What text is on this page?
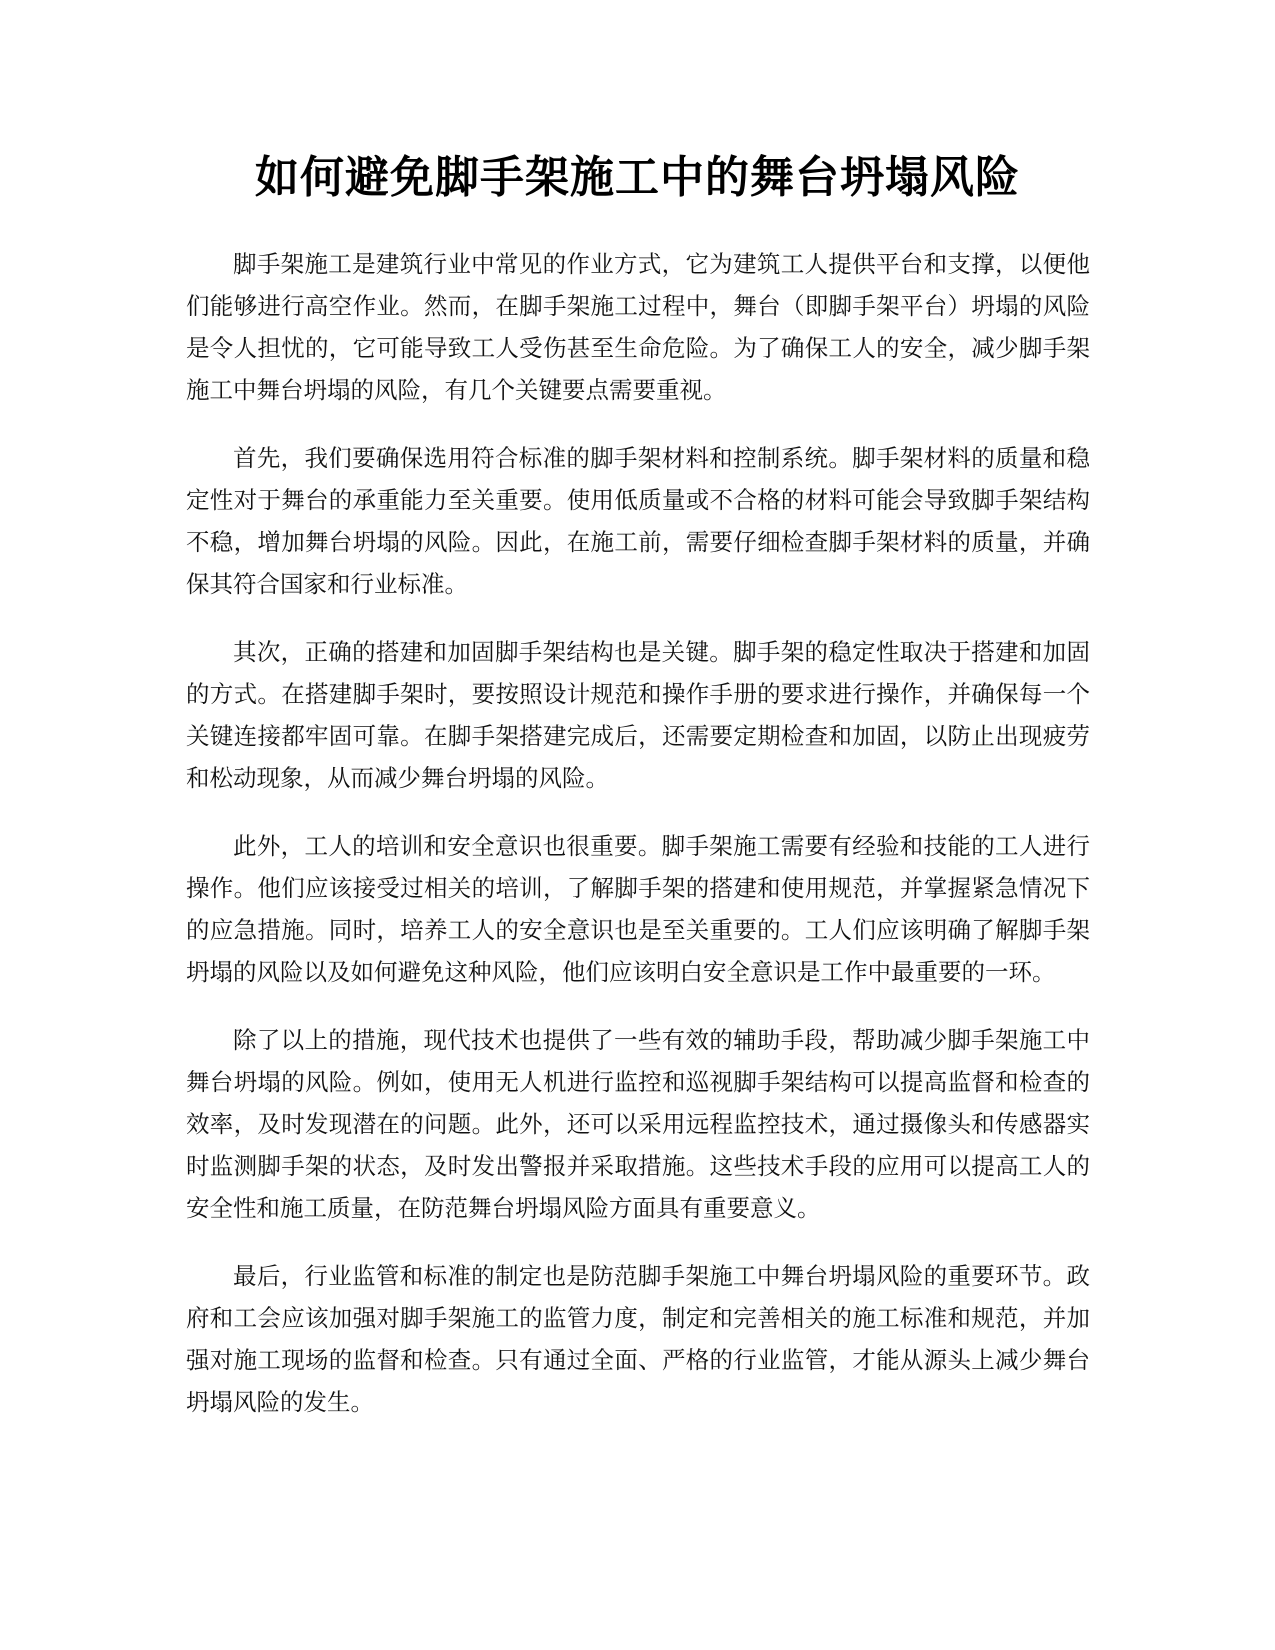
如何避免脚手架施工中的舞台坍塌风险

脚手架施工是建筑行业中常见的作业方式，它为建筑工人提供平台和支撑，以便他们能够进行高空作业。然而，在脚手架施工过程中，舞台（即脚手架平台）坍塌的风险是令人担忧的，它可能导致工人受伤甚至生命危险。为了确保工人的安全，减少脚手架施工中舞台坍塌的风险，有几个关键要点需要重视。

首先，我们要确保选用符合标准的脚手架材料和控制系统。脚手架材料的质量和稳定性对于舞台的承重能力至关重要。使用低质量或不合格的材料可能会导致脚手架结构不稳，增加舞台坍塌的风险。因此，在施工前，需要仔细检查脚手架材料的质量，并确保其符合国家和行业标准。

其次，正确的搭建和加固脚手架结构也是关键。脚手架的稳定性取决于搭建和加固的方式。在搭建脚手架时，要按照设计规范和操作手册的要求进行操作，并确保每一个关键连接都牢固可靠。在脚手架搭建完成后，还需要定期检查和加固，以防止出现疲劳和松动现象，从而减少舞台坍塌的风险。

此外，工人的培训和安全意识也很重要。脚手架施工需要有经验和技能的工人进行操作。他们应该接受过相关的培训，了解脚手架的搭建和使用规范，并掌握紧急情况下的应急措施。同时，培养工人的安全意识也是至关重要的。工人们应该明确了解脚手架坍塌的风险以及如何避免这种风险，他们应该明白安全意识是工作中最重要的一环。

除了以上的措施，现代技术也提供了一些有效的辅助手段，帮助减少脚手架施工中舞台坍塌的风险。例如，使用无人机进行监控和巡视脚手架结构可以提高监督和检查的效率，及时发现潜在的问题。此外，还可以采用远程监控技术，通过摄像头和传感器实时监测脚手架的状态，及时发出警报并采取措施。这些技术手段的应用可以提高工人的安全性和施工质量，在防范舞台坍塌风险方面具有重要意义。

最后，行业监管和标准的制定也是防范脚手架施工中舞台坍塌风险的重要环节。政府和工会应该加强对脚手架施工的监管力度，制定和完善相关的施工标准和规范，并加强对施工现场的监督和检查。只有通过全面、严格的行业监管，才能从源头上减少舞台坍塌风险的发生。
